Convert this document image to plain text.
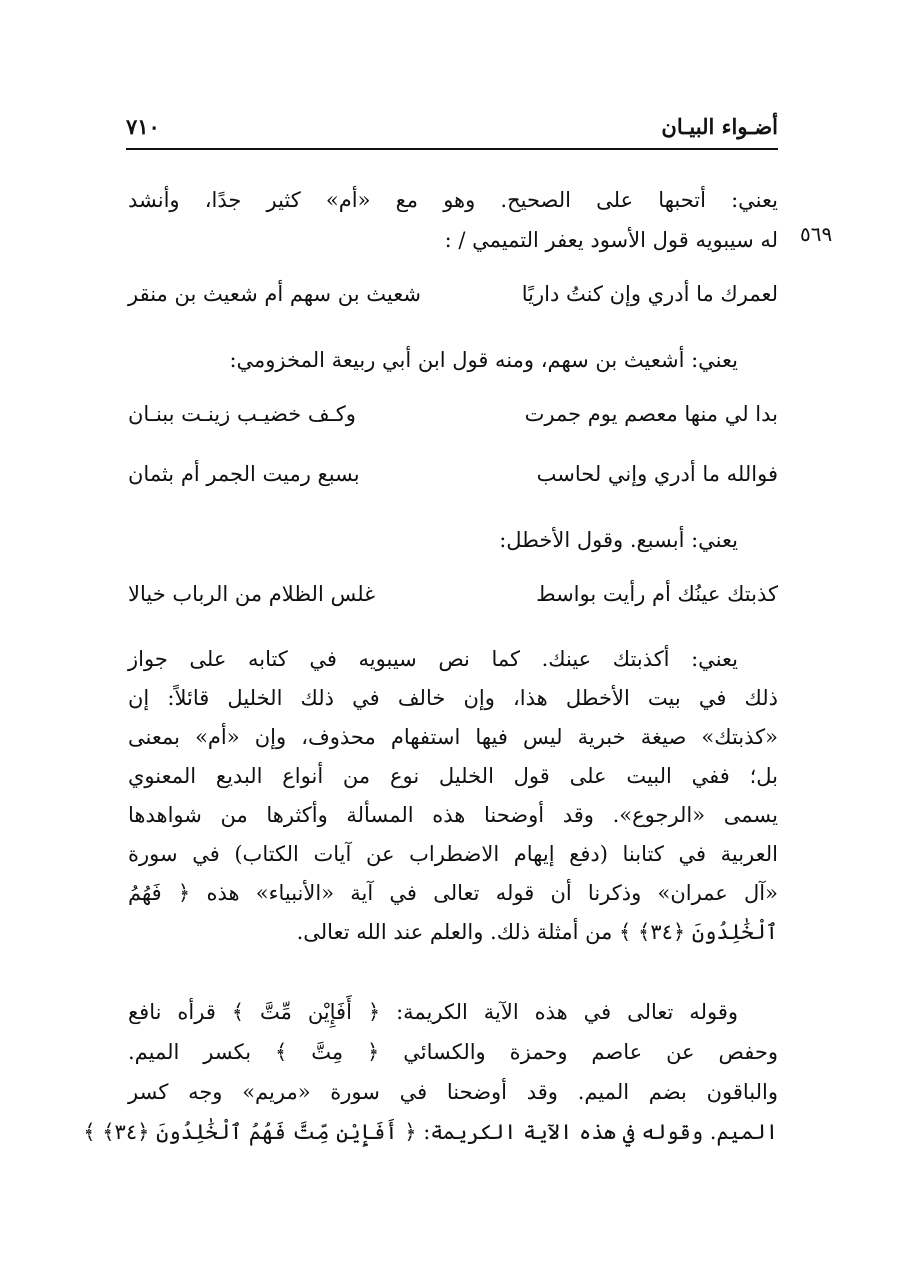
أضـواء البيـان
٧١٠
٥٦٩
يعني: أتحبها على الصحيح. وهو مع «أم» كثير جدًا، وأنشد
له سيبويه قول الأسود يعفر التميمي / :
لعمرك ما أدري وإن كنتُ داريًا
شعيث بن سهم أم شعيث بن منقر
يعني: أشعيث بن سهم، ومنه قول ابن أبي ربيعة المخزومي:
بدا لي منها معصم يوم جمرت
وكـف خضيـب زينـت ببنـان
فوالله ما أدري وإني لحاسب
بسبع رميت الجمر أم بثمان
يعني: أبسبع. وقول الأخطل:
كذبتك عينُك أم رأيت بواسط
غلس الظلام من الرباب خيالا
يعني: أكذبتك عينك. كما نص سيبويه في كتابه على جواز
ذلك في بيت الأخطل هذا، وإن خالف في ذلك الخليل قائلاً: إن
«كذبتك» صيغة خبرية ليس فيها استفهام محذوف، وإن «أم» بمعنى
بل؛ ففي البيت على قول الخليل نوع من أنواع البديع المعنوي
يسمى «الرجوع». وقد أوضحنا هذه المسألة وأكثرها من شواهدها
العربية في كتابنا (دفع إيهام الاضطراب عن آيات الكتاب) في سورة
«آل عمران» وذكرنا أن قوله تعالى في آية «الأنبياء» هذه ﴿ فَهُمُ
ٱلْخَٰلِدُونَ ﴿٣٤﴾ ﴾ من أمثلة ذلك. والعلم عند الله تعالى.
وقوله تعالى في هذه الآية الكريمة: ﴿ أَفَإِيْن مِّتَّ ﴾ قرأه نافع
وحفص عن عاصم وحمزة والكسائي ﴿ مِتَّ ﴾ بكسر الميم.
والباقون بضم الميم. وقد أوضحنا في سورة «مريم» وجه كسر
الميم. وقوله في هذه الآية الكريمة: ﴿ أَفَإِيْن مِّتَّ فَهُمُ ٱلْخَٰلِدُونَ ﴿٣٤﴾ ﴾
